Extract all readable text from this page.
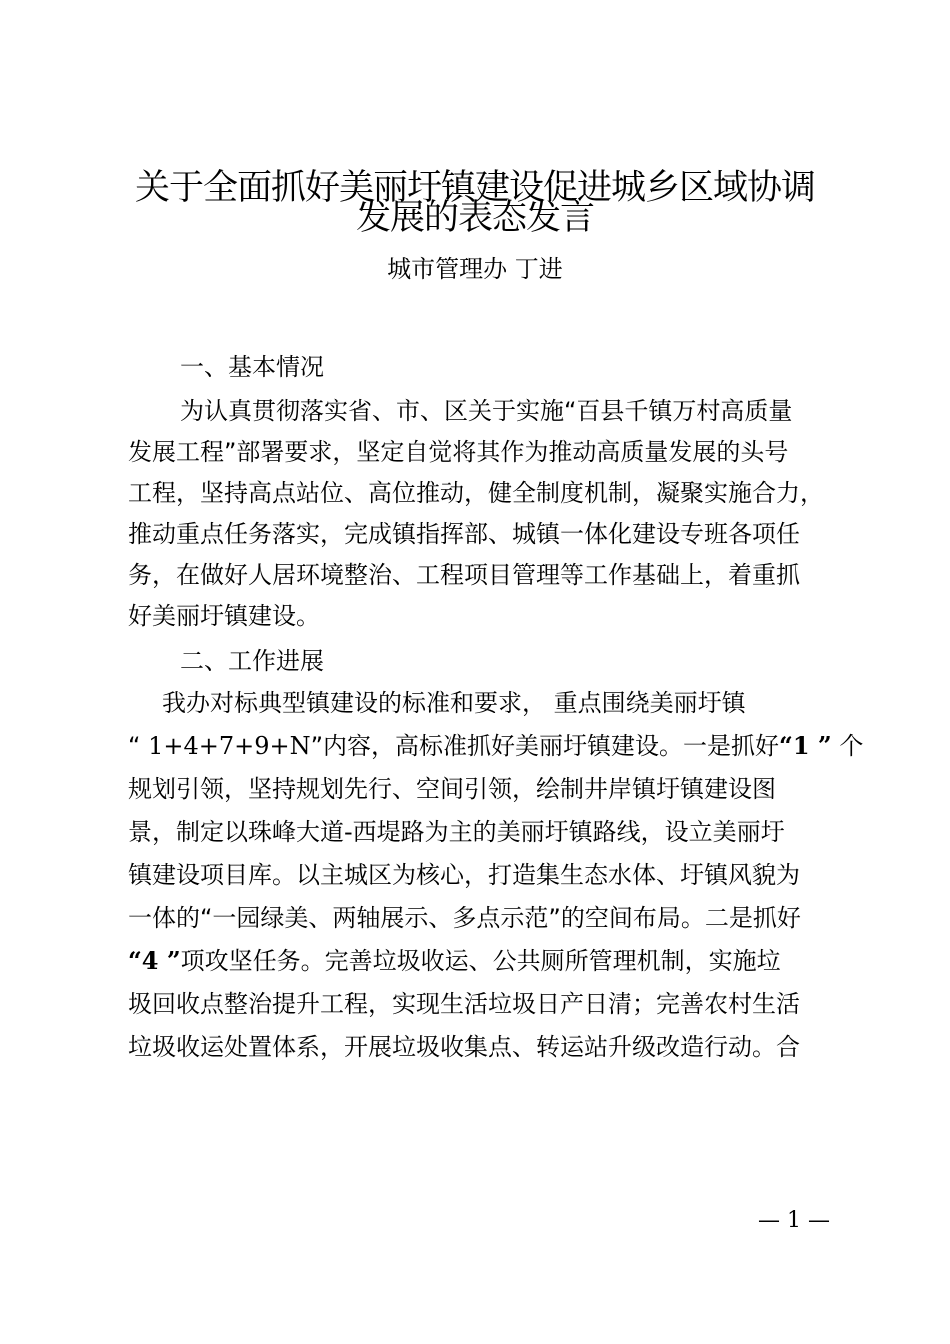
关于全面抓好美丽圩镇建设促进城乡区域协调
发展的表态发言
城市管理办 丁进
一、基本情况
为认真贯彻落实省、市、区关于实施“百县千镇万村高质量
发展工程”部署要求，坚定自觉将其作为推动高质量发展的头号
工程，坚持高点站位、高位推动，健全制度机制，凝聚实施合力，
推动重点任务落实，完成镇指挥部、城镇一体化建设专班各项任
务，在做好人居环境整治、工程项目管理等工作基础上，着重抓
好美丽圩镇建设。
二、工作进展
我办对标典型镇建设的标准和要求， 重点围绕美丽圩镇
“ 1+4+7+9+N”内容，高标准抓好美丽圩镇建设。一是抓好“1 ” 个
规划引领，坚持规划先行、空间引领，绘制井岸镇圩镇建设图
景，制定以珠峰大道-西堤路为主的美丽圩镇路线，设立美丽圩
镇建设项目库。以主城区为核心，打造集生态水体、圩镇风貌为
一体的“一园绿美、两轴展示、多点示范”的空间布局。二是抓好
“4 ”项攻坚任务。完善垃圾收运、公共厕所管理机制，实施垃
圾回收点整治提升工程，实现生活垃圾日产日清；完善农村生活
垃圾收运处置体系，开展垃圾收集点、转运站升级改造行动。合
— 1 —
